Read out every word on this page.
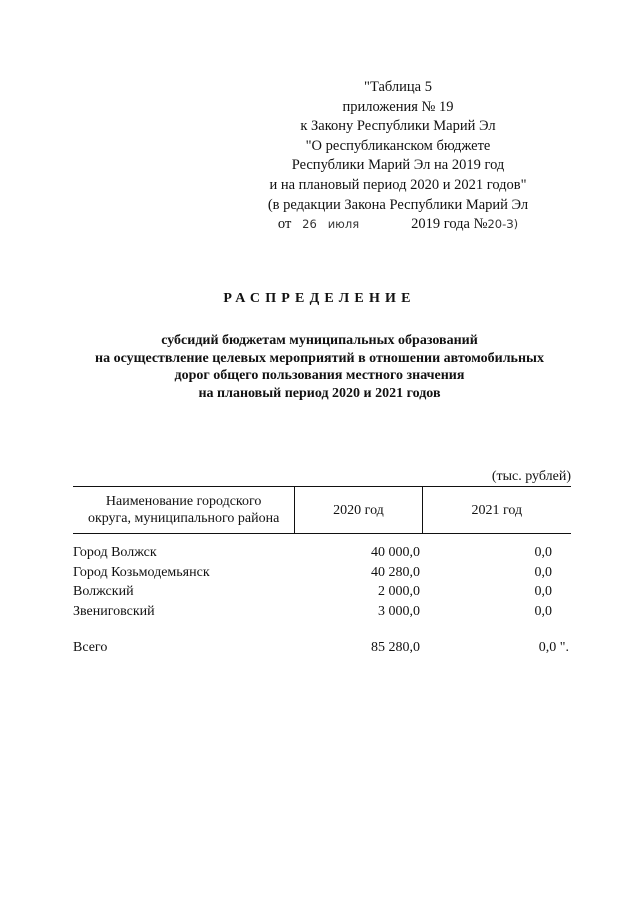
"Таблица 5
приложения № 19
к Закону Республики Марий Эл
"О республиканском бюджете
Республики Марий Эл на 2019 год
и на плановый период 2020 и 2021 годов"
(в редакции Закона Республики Марий Эл
от 26 июля	2019 года №20-З)
РАСПРЕДЕЛЕНИЕ
субсидий бюджетам муниципальных образований
на осуществление целевых мероприятий в отношении автомобильных
дорог общего пользования местного значения
на плановый период 2020 и 2021 годов
(тыс. рублей)
Наименование городского
округа, муниципального района
	2020 год	2021 год
Город Волжск	40 000,0	0,0
Город Козьмодемьянск	40 280,0	0,0
Волжский	2 000,0	0,0
Звениговский	3 000,0	0,0
Всего	85 280,0	0,0 ".
